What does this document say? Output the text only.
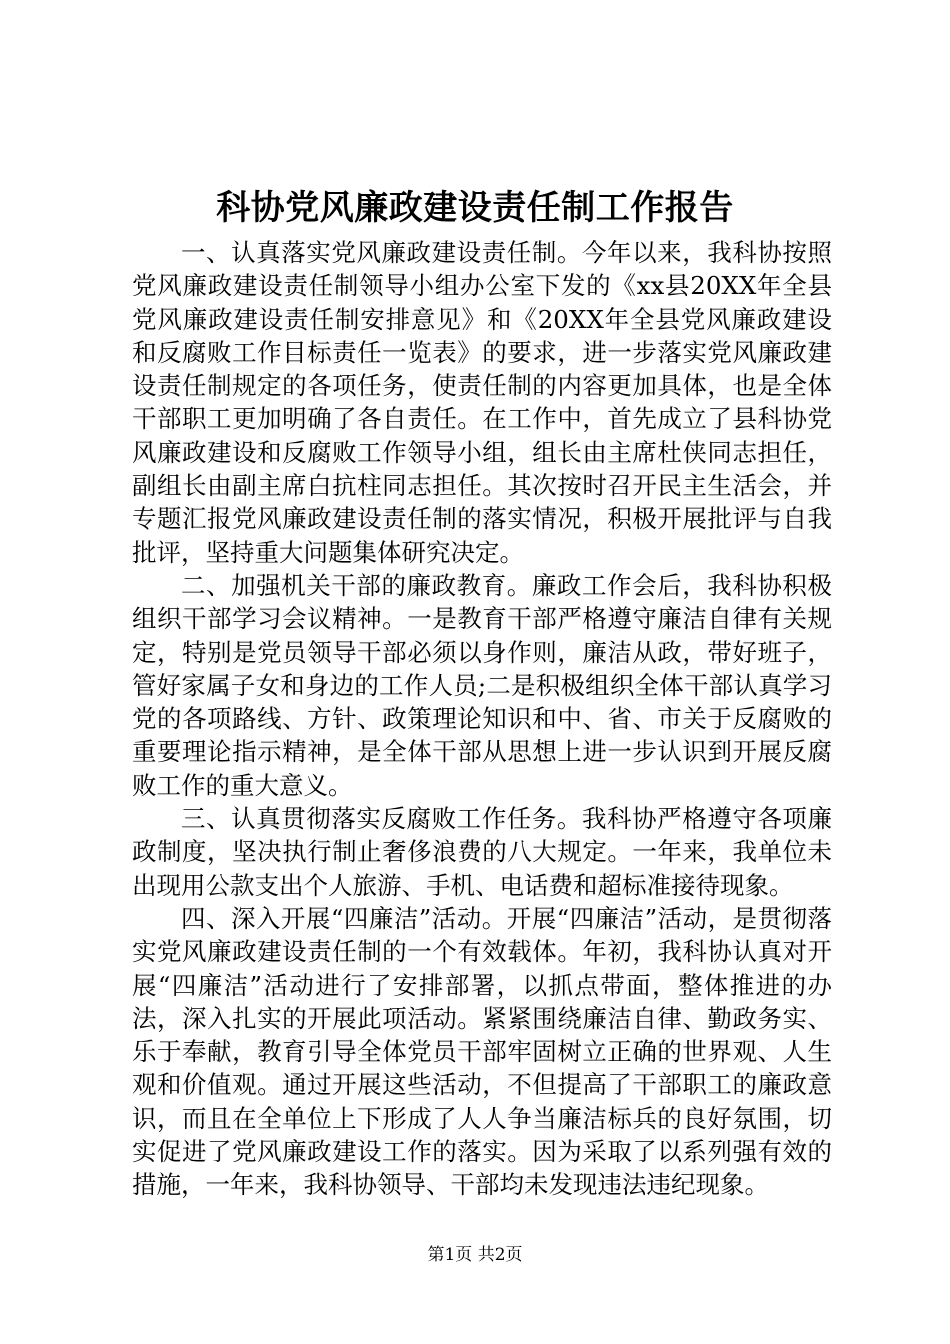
科协党风廉政建设责任制工作报告

一、认真落实党风廉政建设责任制。今年以来，我科协按照党风廉政建设责任制领导小组办公室下发的《xx县20XX年全县党风廉政建设责任制安排意见》和《20XX年全县党风廉政建设和反腐败工作目标责任一览表》的要求，进一步落实党风廉政建设责任制规定的各项任务，使责任制的内容更加具体，也是全体干部职工更加明确了各自责任。在工作中，首先成立了县科协党风廉政建设和反腐败工作领导小组，组长由主席杜侠同志担任，副组长由副主席白抗柱同志担任。其次按时召开民主生活会，并专题汇报党风廉政建设责任制的落实情况，积极开展批评与自我批评，坚持重大问题集体研究决定。

二、加强机关干部的廉政教育。廉政工作会后，我科协积极组织干部学习会议精神。一是教育干部严格遵守廉洁自律有关规定，特别是党员领导干部必须以身作则，廉洁从政，带好班子，管好家属子女和身边的工作人员;二是积极组织全体干部认真学习党的各项路线、方针、政策理论知识和中、省、市关于反腐败的重要理论指示精神，是全体干部从思想上进一步认识到开展反腐败工作的重大意义。

三、认真贯彻落实反腐败工作任务。我科协严格遵守各项廉政制度，坚决执行制止奢侈浪费的八大规定。一年来，我单位未出现用公款支出个人旅游、手机、电话费和超标准接待现象。

四、深入开展“四廉洁”活动。开展“四廉洁”活动，是贯彻落实党风廉政建设责任制的一个有效载体。年初，我科协认真对开展“四廉洁”活动进行了安排部署，以抓点带面，整体推进的办法，深入扎实的开展此项活动。紧紧围绕廉洁自律、勤政务实、乐于奉献，教育引导全体党员干部牢固树立正确的世界观、人生观和价值观。通过开展这些活动，不但提高了干部职工的廉政意识，而且在全单位上下形成了人人争当廉洁标兵的良好氛围，切实促进了党风廉政建设工作的落实。因为采取了以系列强有效的措施，一年来，我科协领导、干部均未发现违法违纪现象。

第1页 共2页
